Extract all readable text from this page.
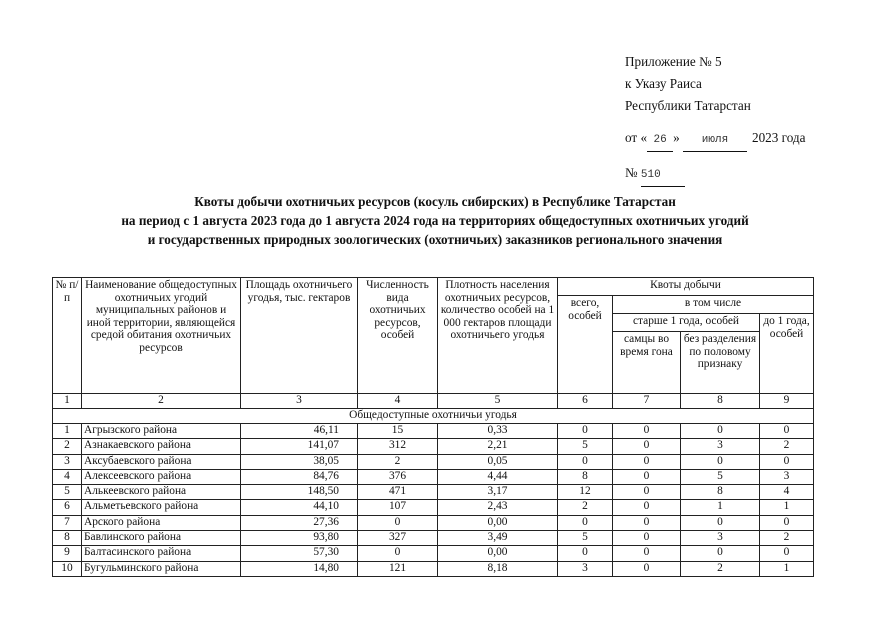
Приложение № 5
к Указу Раиса
Республики Татарстан
от « 26 » июля 2023 года
№ 510
Квоты добычи охотничьих ресурсов (косуль сибирских) в Республике Татарстан
на период с 1 августа 2023 года до 1 августа 2024 года на территориях общедоступных охотничьих угодий
и государственных природных зоологических (охотничьих) заказников регионального значения
№ п/п	Наименование общедоступных охотничьих угодий муниципальных районов и иной территории, являющейся средой обитания охотничьих ресурсов	Площадь охотничьего угодья, тыс. гектаров	Численность вида охотничьих ресурсов, особей	Плотность населения охотничьих ресурсов, количество особей на 1 000 гектаров площади охотничьего угодья	Квоты добычи			
					всего, особей	в том числе		
						старше 1 года, особей		до 1 года, особей
						самцы во время гона	без разделения по половому признаку	
1	2	3	4	5	6	7	8	9
Общедоступные охотничьи угодья								
1	Агрызского района	46,11	15	0,33	0	0	0	0
2	Азнакаевского района	141,07	312	2,21	5	0	3	2
3	Аксубаевского района	38,05	2	0,05	0	0	0	0
4	Алексеевского района	84,76	376	4,44	8	0	5	3
5	Алькеевского района	148,50	471	3,17	12	0	8	4
6	Альметьевского района	44,10	107	2,43	2	0	1	1
7	Арского района	27,36	0	0,00	0	0	0	0
8	Бавлинского района	93,80	327	3,49	5	0	3	2
9	Балтасинского района	57,30	0	0,00	0	0	0	0
10	Бугульминского района	14,80	121	8,18	3	0	2	1
